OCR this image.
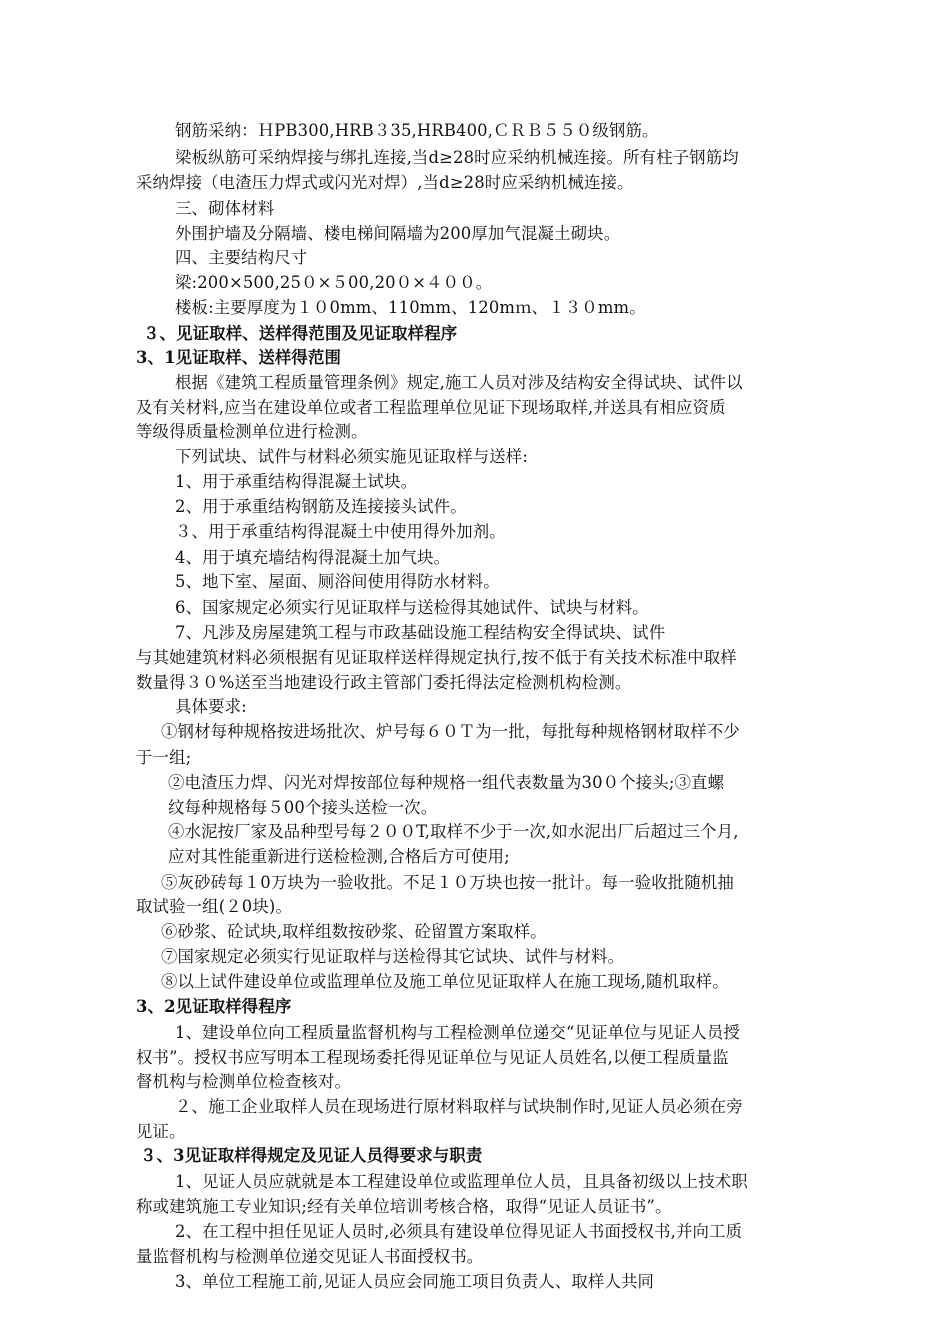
钢筋采纳：ＨPB300,HRB３35,HRB400,ＣＲＢ５５０级钢筋。
梁板纵筋可采纳焊接与绑扎连接,当d≥28时应采纳机械连接。所有柱子钢筋均
采纳焊接（电渣压力焊式或闪光对焊）,当d≥28时应采纳机械连接。
三、砌体材料
外围护墙及分隔墙、楼电梯间隔墙为200厚加气混凝土砌块。
四、主要结构尺寸
梁:200×500,25０×５00,20０×４００。
楼板:主要厚度为１０0mm、110mm、120mｍ、１３０mm。
３、见证取样、送样得范围及见证取样程序
3、1见证取样、送样得范围
根据《建筑工程质量管理条例》规定,施工人员对涉及结构安全得试块、试件以
及有关材料,应当在建设单位或者工程监理单位见证下现场取样,并送具有相应资质
等级得质量检测单位进行检测。
下列试块、试件与材料必须实施见证取样与送样:
1、用于承重结构得混凝土试块。
2、用于承重结构钢筋及连接接头试件。
３、用于承重结构得混凝土中使用得外加剂。
4、用于填充墙结构得混凝土加气块。
5、地下室、屋面、厕浴间使用得防水材料。
6、国家规定必须实行见证取样与送检得其她试件、试块与材料。
7、凡涉及房屋建筑工程与市政基础设施工程结构安全得试块、试件
与其她建筑材料必须根据有见证取样送样得规定执行,按不低于有关技术标准中取样
数量得３０%送至当地建设行政主管部门委托得法定检测机构检测。
具体要求:
①钢材每种规格按进场批次、炉号每６０Ｔ为一批，每批每种规格钢材取样不少
于一组;
②电渣压力焊、闪光对焊按部位每种规格一组代表数量为30０个接头;③直螺
纹每种规格每５00个接头送检一次。
④水泥按厂家及品种型号每２００T,取样不少于一次,如水泥出厂后超过三个月,
应对其性能重新进行送检检测,合格后方可使用;
⑤灰砂砖每１0万块为一验收批。不足１０万块也按一批计。每一验收批随机抽
取试验一组(２0块)。
⑥砂浆、砼试块,取样组数按砂浆、砼留置方案取样。
⑦国家规定必须实行见证取样与送检得其它试块、试件与材料。
⑧以上试件建设单位或监理单位及施工单位见证取样人在施工现场,随机取样。
3、2见证取样得程序
1、建设单位向工程质量监督机构与工程检测单位递交“见证单位与见证人员授
权书”。授权书应写明本工程现场委托得见证单位与见证人员姓名,以便工程质量监
督机构与检测单位检查核对。
２、施工企业取样人员在现场进行原材料取样与试块制作时,见证人员必须在旁
见证。
３、3见证取样得规定及见证人员得要求与职责
1、见证人员应就就是本工程建设单位或监理单位人员，且具备初级以上技术职
称或建筑施工专业知识;经有关单位培训考核合格，取得“见证人员证书”。
2、在工程中担任见证人员时,必须具有建设单位得见证人书面授权书,并向工质
量监督机构与检测单位递交见证人书面授权书。
3、单位工程施工前,见证人员应会同施工项目负责人、取样人共同
